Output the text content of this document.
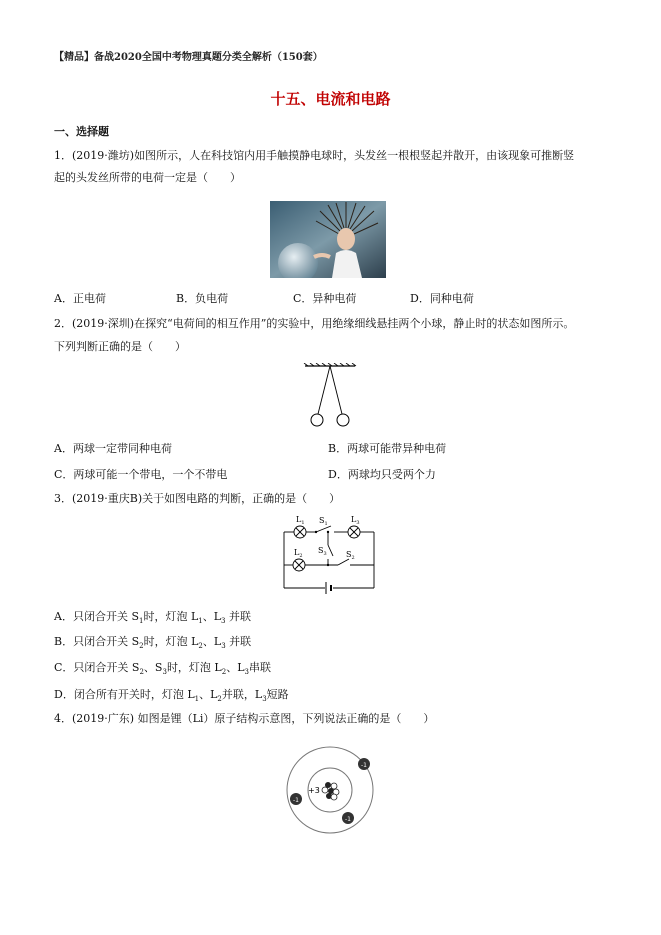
【精品】备战2020全国中考物理真题分类全解析（150套）
十五、电流和电路
一、选择题
1．(2019·潍坊)如图所示，人在科技馆内用手触摸静电球时，头发丝一根根竖起并散开，由该现象可推断竖
起的头发丝所带的电荷一定是（　　）
A．正电荷	B．负电荷	C．异种电荷	D．同种电荷
2．(2019·深圳)在探究“电荷间的相互作用”的实验中，用绝缘细线悬挂两个小球，静止时的状态如图所示。
下列判断正确的是（　　）
A．两球一定带同种电荷	B．两球可能带异种电荷
C．两球可能一个带电，一个不带电	D．两球均只受两个力
3．(2019·重庆B)关于如图电路的判断，正确的是（　　）
$L_1$ $S_1$	$L_3$
$L_2$
$S_3$ $S_2$
A．只闭合开关 $S_1$时，灯泡 $L_1$、$L_3$ 并联
B．只闭合开关 $S_2$时，灯泡 $L_2$、$L_3$ 并联
C．只闭合开关 $S_2$、$S_3$时，灯泡 $L_2$、$L_3$串联
D．闭合所有开关时，灯泡 $L_1$、$L_2$并联，$L_3$短路
4．(2019·广东) 如图是锂（Li）原子结构示意图，下列说法正确的是（　　）
+3
-1
-1
-1
